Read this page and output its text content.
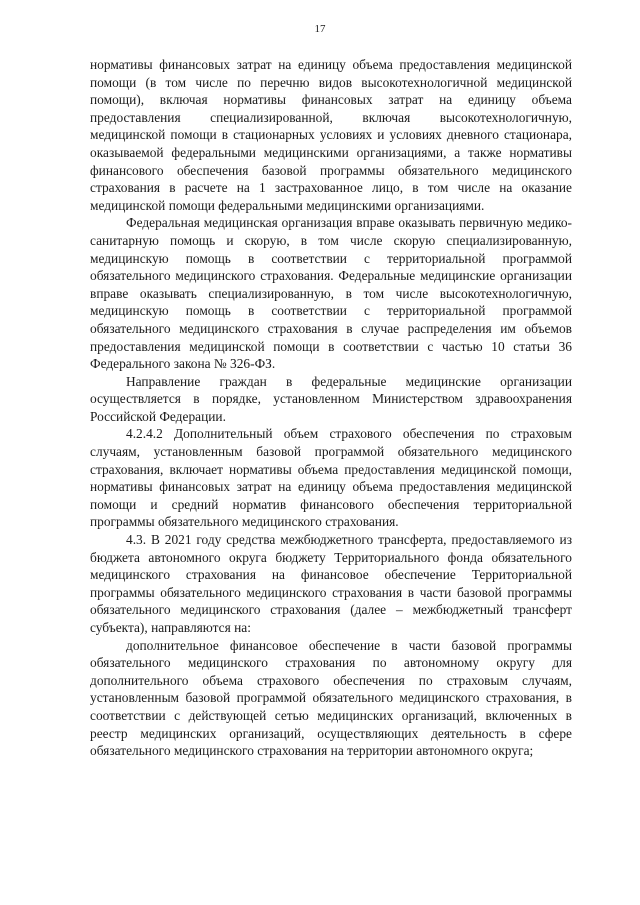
17

нормативы финансовых затрат на единицу объема предоставления медицинской помощи (в том числе по перечню видов высокотехнологичной медицинской помощи), включая нормативы финансовых затрат на единицу объема предоставления специализированной, включая высокотехнологичную, медицинской помощи в стационарных условиях и условиях дневного стационара, оказываемой федеральными медицинскими организациями, а также нормативы финансового обеспечения базовой программы обязательного медицинского страхования в расчете на 1 застрахованное лицо, в том числе на оказание медицинской помощи федеральными медицинскими организациями.

Федеральная медицинская организация вправе оказывать первичную медико-санитарную помощь и скорую, в том числе скорую специализированную, медицинскую помощь в соответствии с территориальной программой обязательного медицинского страхования. Федеральные медицинские организации вправе оказывать специализированную, в том числе высокотехнологичную, медицинскую помощь в соответствии с территориальной программой обязательного медицинского страхования в случае распределения им объемов предоставления медицинской помощи в соответствии с частью 10 статьи 36 Федерального закона № 326-ФЗ.

Направление граждан в федеральные медицинские организации осуществляется в порядке, установленном Министерством здравоохранения Российской Федерации.

4.2.4.2 Дополнительный объем страхового обеспечения по страховым случаям, установленным базовой программой обязательного медицинского страхования, включает нормативы объема предоставления медицинской помощи, нормативы финансовых затрат на единицу объема предоставления медицинской помощи и средний норматив финансового обеспечения территориальной программы обязательного медицинского страхования.

4.3. В 2021 году средства межбюджетного трансферта, предоставляемого из бюджета автономного округа бюджету Территориального фонда обязательного медицинского страхования на финансовое обеспечение Территориальной программы обязательного медицинского страхования в части базовой программы обязательного медицинского страхования (далее – межбюджетный трансферт субъекта), направляются на:

дополнительное финансовое обеспечение в части базовой программы обязательного медицинского страхования по автономному округу для дополнительного объема страхового обеспечения по страховым случаям, установленным базовой программой обязательного медицинского страхования, в соответствии с действующей сетью медицинских организаций, включенных в реестр медицинских организаций, осуществляющих деятельность в сфере обязательного медицинского страхования на территории автономного округа;
